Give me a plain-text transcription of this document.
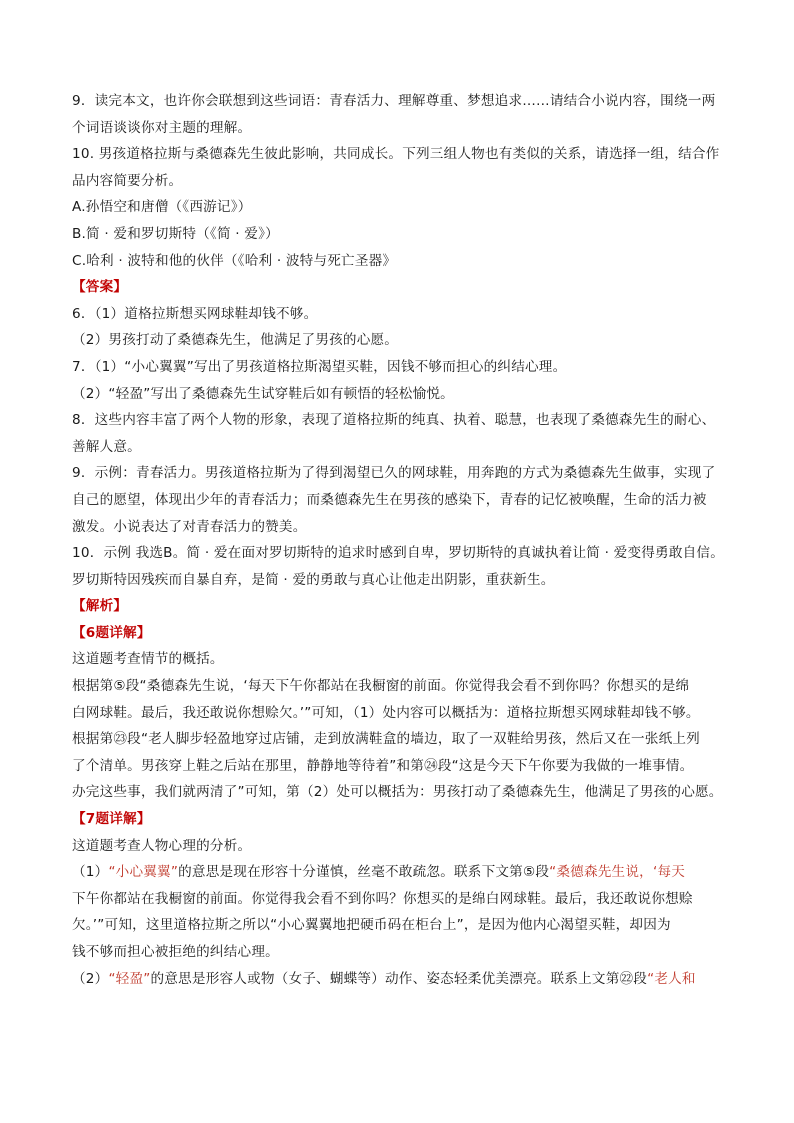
9．读完本文，也许你会联想到这些词语：青春活力、理解尊重、梦想追求……请结合小说内容，围绕一两
个词语谈谈你对主题的理解。
10. 男孩道格拉斯与桑德森先生彼此影响，共同成长。下列三组人物也有类似的关系，请选择一组，结合作
品内容简要分析。
A.孙悟空和唐僧（《西游记》）
B.简 · 爱和罗切斯特（《简 · 爱》）
C.哈利 · 波特和他的伙伴（《哈利 · 波特与死亡圣器》
【答案】
6．（1）道格拉斯想买网球鞋却钱不够。
（2）男孩打动了桑德森先生，他满足了男孩的心愿。
7．（1）“小心翼翼”写出了男孩道格拉斯渴望买鞋，因钱不够而担心的纠结心理。
（2）“轻盈”写出了桑德森先生试穿鞋后如有顿悟的轻松愉悦。
8．这些内容丰富了两个人物的形象，表现了道格拉斯的纯真、执着、聪慧，也表现了桑德森先生的耐心、
善解人意。
9．示例：青春活力。男孩道格拉斯为了得到渴望已久的网球鞋，用奔跑的方式为桑德森先生做事，实现了
自己的愿望，体现出少年的青春活力；而桑德森先生在男孩的感染下，青春的记忆被唤醒，生命的活力被
激发。小说表达了对青春活力的赞美。
10．示例 我选B。简 · 爱在面对罗切斯特的追求时感到自卑，罗切斯特的真诚执着让简 · 爱变得勇敢自信。
罗切斯特因残疾而自暴自弃，是简 · 爱的勇敢与真心让他走出阴影，重获新生。
【解析】
【6题详解】
这道题考查情节的概括。
根据第⑤段“桑德森先生说，‘每天下午你都站在我橱窗的前面。你觉得我会看不到你吗？你想买的是绵
白网球鞋。最后，我还敢说你想赊欠。’”可知，（1）处内容可以概括为：道格拉斯想买网球鞋却钱不够。
根据第㉓段“老人脚步轻盈地穿过店铺，走到放满鞋盒的墙边，取了一双鞋给男孩，然后又在一张纸上列
了个清单。男孩穿上鞋之后站在那里，静静地等待着”和第㉔段“这是今天下午你要为我做的一堆事情。
办完这些事，我们就两清了”可知，第（2）处可以概括为：男孩打动了桑德森先生，他满足了男孩的心愿。
【7题详解】
这道题考查人物心理的分析。
（1）“小心翼翼”的意思是现在形容十分谨慎，丝毫不敢疏忽。联系下文第⑤段“桑德森先生说，‘每天
下午你都站在我橱窗的前面。你觉得我会看不到你吗？你想买的是绵白网球鞋。最后，我还敢说你想赊
欠。’”可知，这里道格拉斯之所以“小心翼翼地把硬币码在柜台上”，是因为他内心渴望买鞋，却因为
钱不够而担心被拒绝的纠结心理。
（2）“轻盈”的意思是形容人或物（女子、蝴蝶等）动作、姿态轻柔优美漂亮。联系上文第㉒段“老人和
